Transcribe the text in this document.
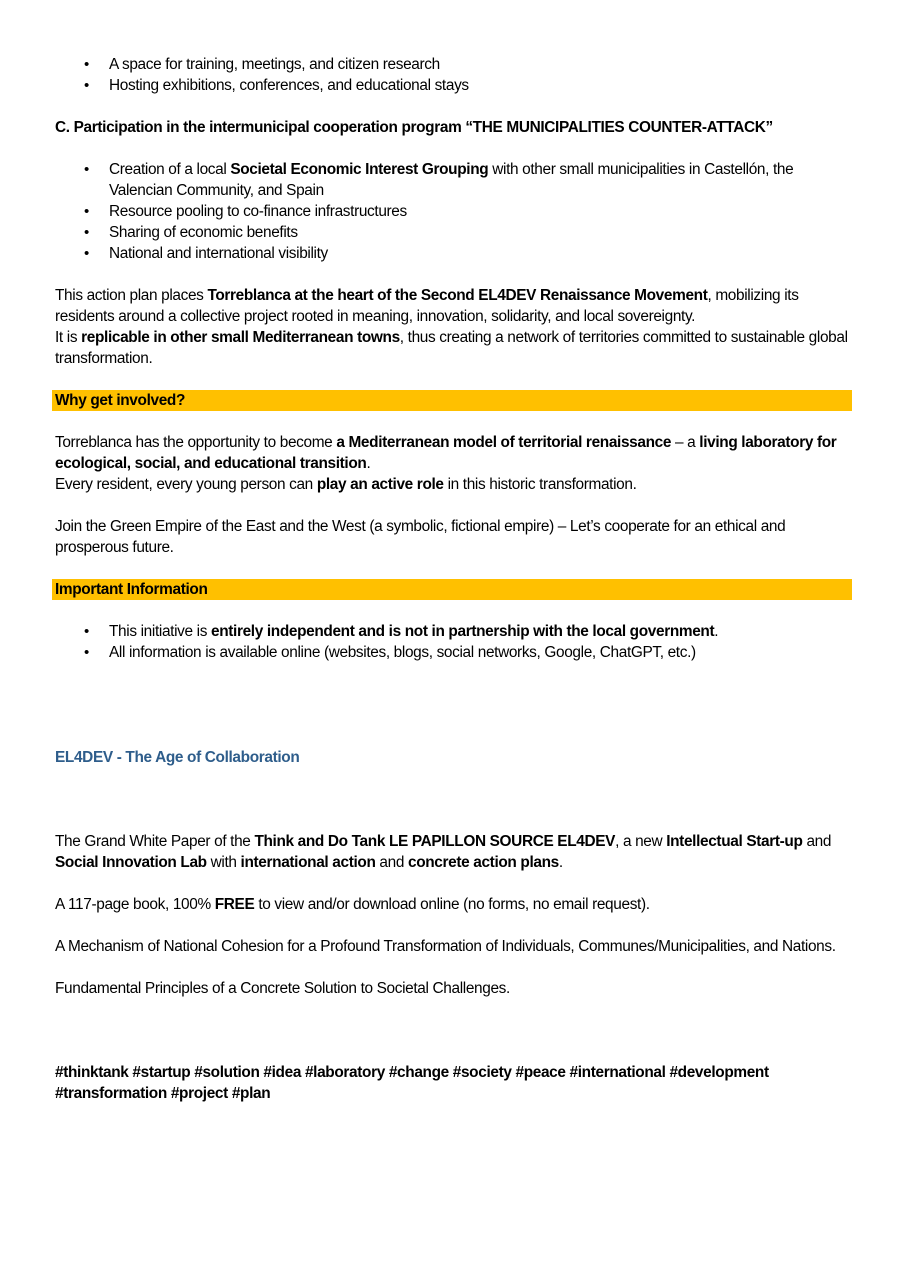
• A space for training, meetings, and citizen research
• Hosting exhibitions, conferences, and educational stays

C. Participation in the intermunicipal cooperation program “THE MUNICIPALITIES COUNTER-ATTACK”

• Creation of a local Societal Economic Interest Grouping with other small municipalities in Castellón, the Valencian Community, and Spain
• Resource pooling to co-finance infrastructures
• Sharing of economic benefits
• National and international visibility

This action plan places Torreblanca at the heart of the Second EL4DEV Renaissance Movement, mobilizing its residents around a collective project rooted in meaning, innovation, solidarity, and local sovereignty.

It is replicable in other small Mediterranean towns, thus creating a network of territories committed to sustainable global transformation.

Why get involved?

Torreblanca has the opportunity to become a Mediterranean model of territorial renaissance – a living laboratory for ecological, social, and educational transition.

Every resident, every young person can play an active role in this historic transformation.

Join the Green Empire of the East and the West (a symbolic, fictional empire) – Let’s cooperate for an ethical and prosperous future.

Important Information
• This initiative is entirely independent and is not in partnership with the local government.
• All information is available online (websites, blogs, social networks, Google, ChatGPT, etc.)

EL4DEV - The Age of Collaboration

The Grand White Paper of the Think and Do Tank LE PAPILLON SOURCE EL4DEV, a new Intellectual Start-up and Social Innovation Lab with international action and concrete action plans.

A 117-page book, 100% FREE to view and/or download online (no forms, no email request).

A Mechanism of National Cohesion for a Profound Transformation of Individuals, Communes/Municipalities, and Nations.

Fundamental Principles of a Concrete Solution to Societal Challenges.

#thinktank #startup #solution #idea #laboratory #change #society #peace #international #development #transformation #project #plan
